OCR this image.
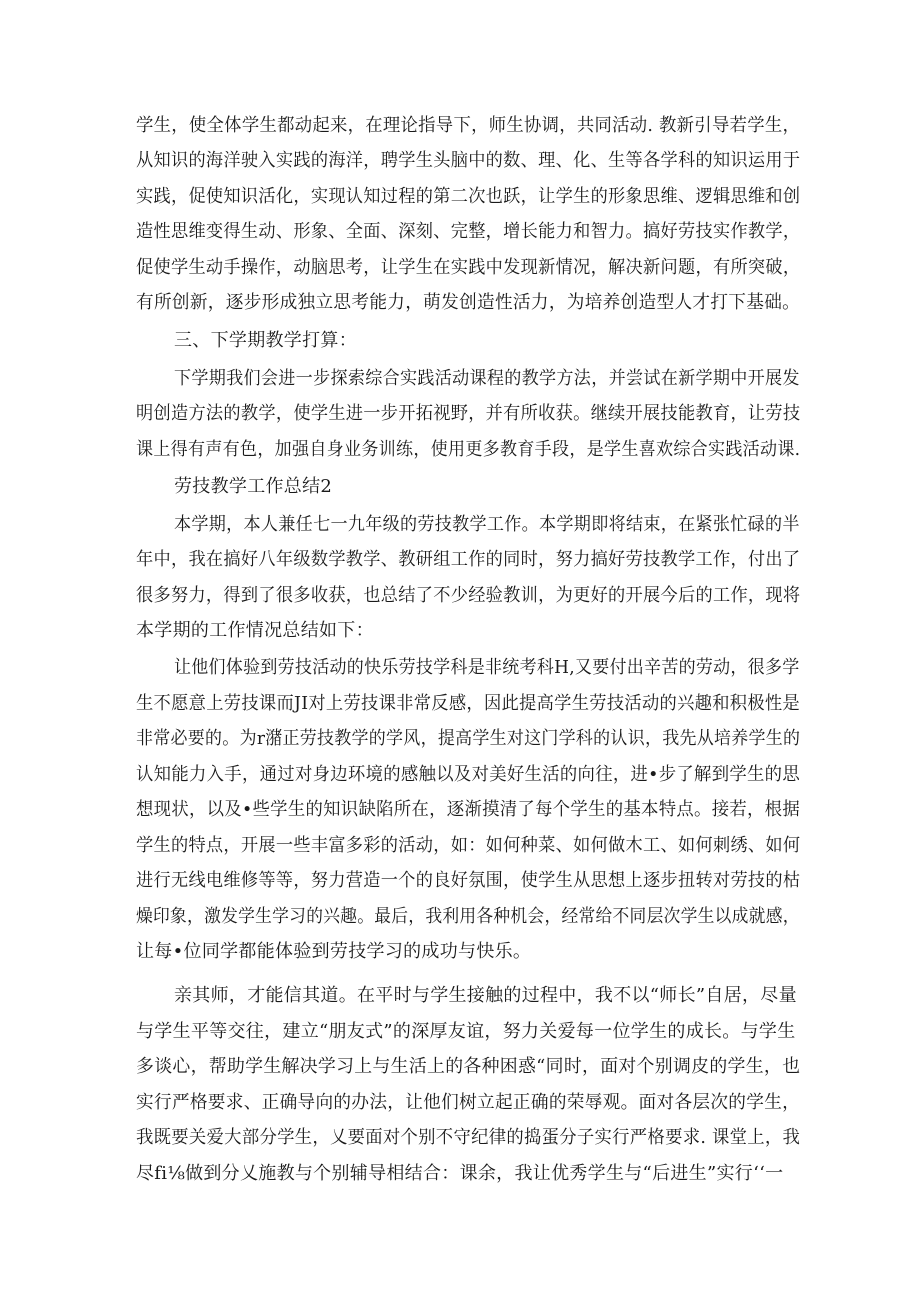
学生，使全体学生都动起来，在理论指导下，师生协调，共同活动. 教新引导若学生，
从知识的海洋驶入实践的海洋，聘学生头脑中的数、理、化、生等各学科的知识运用于
实践，促使知识活化，实现认知过程的第二次也跃，让学生的形象思维、逻辑思维和创
造性思维变得生动、形象、全面、深刻、完整，增长能力和智力。搞好劳技实作教学，
促使学生动手操作，动脑思考，让学生在实践中发现新情况，解决新问题，有所突破，
有所创新，逐步形成独立思考能力，萌发创造性活力，为培养创造型人才打下基础。
三、下学期教学打算：
下学期我们会进一步探索综合实践活动课程的教学方法，并尝试在新学期中开展发
明创造方法的教学，使学生进一步开拓视野，并有所收获。继续开展技能教育，让劳技
课上得有声有色，加强自身业务训练，使用更多教育手段，是学生喜欢综合实践活动课.
劳技教学工作总结2
本学期，本人兼任七一九年级的劳技教学工作。本学期即将结束，在紧张忙碌的半
年中，我在搞好八年级数学教学、教研组工作的同时，努力搞好劳技教学工作，付出了
很多努力，得到了很多收获，也总结了不少经验教训，为更好的开展今后的工作，现将
本学期的工作情况总结如下：
让他们体验到劳技活动的快乐劳技学科是非统考科H,又要付出辛苦的劳动，很多学
生不愿意上劳技课而JI对上劳技课非常反感，因此提高学生劳技活动的兴趣和积极性是
非常必要的。为r潴正劳技教学的学风，提高学生对这门学科的认识，我先从培养学生的
认知能力入手，通过对身边环境的感触以及对美好生活的向往，进•步了解到学生的思
想现状，以及•些学生的知识缺陷所在，逐渐摸清了每个学生的基本特点。接若，根据
学生的特点，开展一些丰富多彩的活动，如：如何种菜、如何做木工、如何刺绣、如何
进行无线电维修等等，努力营造一个的良好氛围，使学生从思想上逐步扭转对劳技的枯
燥印象，激发学生学习的兴趣。最后，我利用各种机会，经常给不同层次学生以成就感，
让每•位同学都能体验到劳技学习的成功与快乐。
亲其师，才能信其道。在平时与学生接触的过程中，我不以“师长”自居，尽量
与学生平等交往，建立“朋友式”的深厚友谊，努力关爱每一位学生的成长。与学生
多谈心，帮助学生解决学习上与生活上的各种困惑“同时，面对个别调皮的学生，也
实行严格要求、正确导向的办法，让他们树立起正确的荣辱观。面对各层次的学生，
我既要关爱大部分学生，乂要面对个别不守纪律的捣蛋分子实行严格要求. 课堂上，我
尽fi⅛做到分乂施教与个别辅导相结合：课余，我让优秀学生与“后进生”实行‘‘一
